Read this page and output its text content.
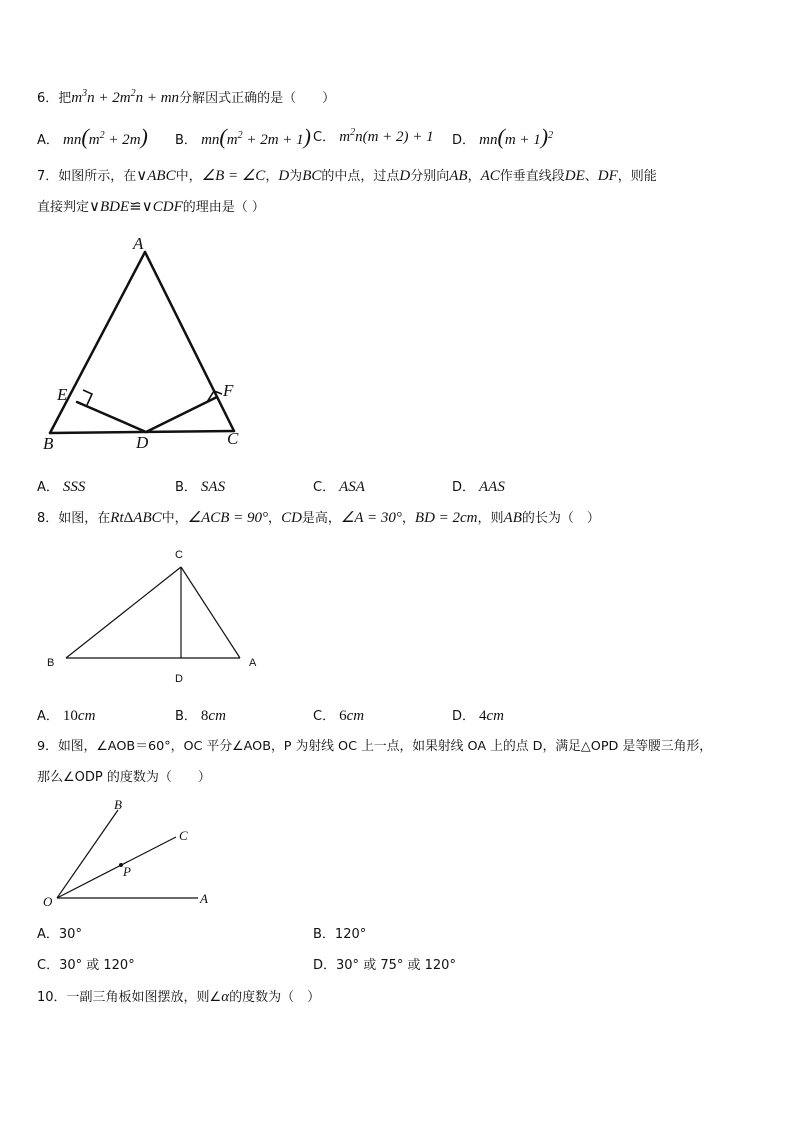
6．把$m^3n + 2m^2n$ + mn分解因式正确的是（　　）
A． $mn(m^2 + 2m)$ B． $mn(m^2 + 2m + 1)$ C． $m^2n(m + 2) + 1$ D． $mn(m + 1)^2$
7．如图所示，在∨ABC中，∠B = ∠C，D为BC的中点，过点D分别向AB，AC作垂直线段DE、DF，则能
直接判定∨BDE≌∨CDF的理由是（ ）
A
E	F
B	D	C
A． SSS	B． SAS	C． ASA	D． AAS
8．如图，在RtΔABC中，∠ACB = 90°，CD是高，∠A = 30°，BD = 2cm，则AB的长为（　）
C
B	A
D
A． 10cm	B． 8cm	C． 6cm	D． 4cm
9．如图，∠AOB＝60°，OC 平分∠AOB，P 为射线 OC 上一点，如果射线 OA 上的点 D，满足△OPD 是等腰三角形，
那么∠ODP 的度数为（　　）
B
C
P
O	A
A．30°	B．120°
C．30° 或 120°	D．30° 或 75° 或 120°
10．一副三角板如图摆放，则∠α的度数为（　）
